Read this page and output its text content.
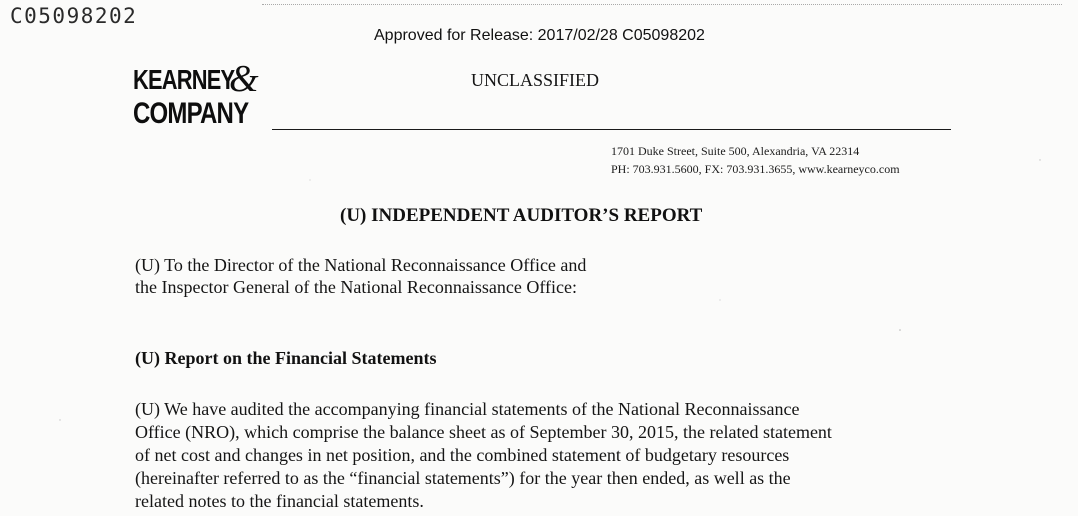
C05098202
Approved for Release: 2017/02/28 C05098202
KEARNEY
&
COMPANY
UNCLASSIFIED
1701 Duke Street, Suite 500, Alexandria, VA 22314
PH: 703.931.5600, FX: 703.931.3655, www.kearneyco.com
(U) INDEPENDENT AUDITOR’S REPORT
(U) To the Director of the National Reconnaissance Office and
the Inspector General of the National Reconnaissance Office:
(U) Report on the Financial Statements
(U) We have audited the accompanying financial statements of the National Reconnaissance
Office (NRO), which comprise the balance sheet as of September 30, 2015, the related statement
of net cost and changes in net position, and the combined statement of budgetary resources
(hereinafter referred to as the “financial statements”) for the year then ended, as well as the
related notes to the financial statements.
